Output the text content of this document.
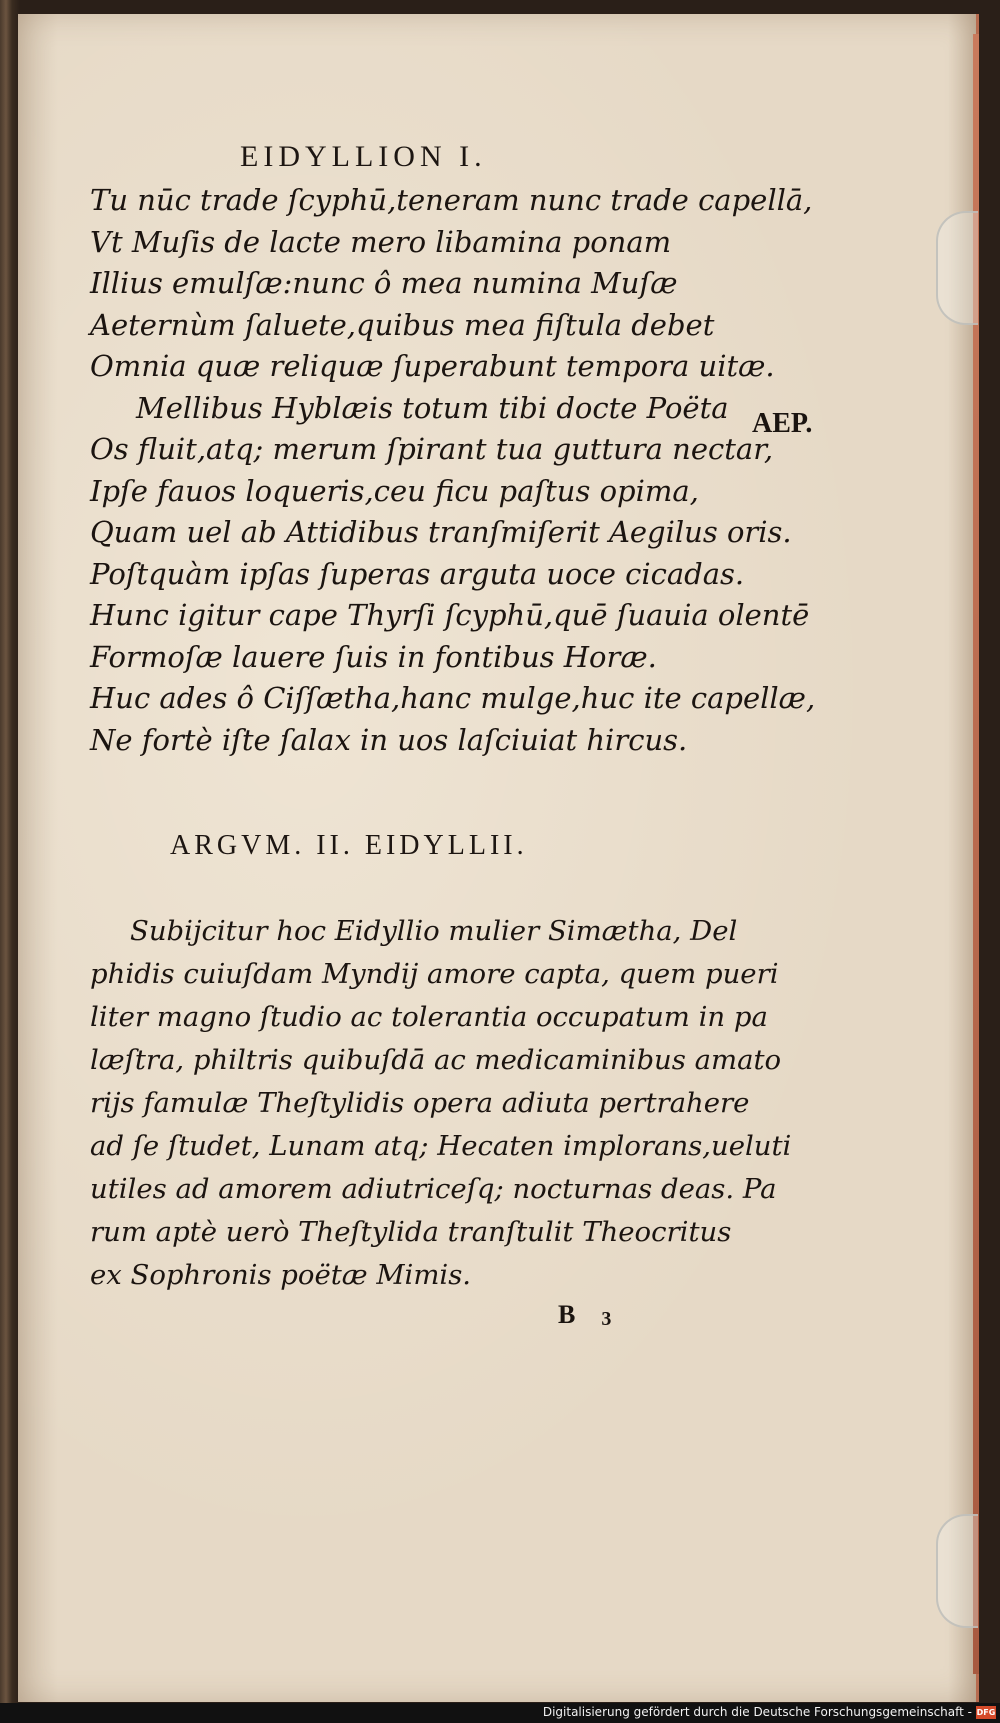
EIDYLLION I.
Tu nūc trade ſcyphū,teneram nunc trade capellā,
Vt Muſis de lacte mero libamina ponam
Illius emulſæ:nunc ô mea numina Muſæ
Aeternùm ſaluete,quibus mea fiſtula debet
Omnia quæ reliquæ ſuperabunt tempora uitæ.
Mellibus Hyblæis totum tibi docte Poëta
Os fluit,atq; merum ſpirant tua guttura nectar,
Ipſe fauos loqueris,ceu ficu paſtus opima,
Quam uel ab Attidibus tranſmiſerit Aegilus oris.
Poſtquàm ipſas ſuperas arguta uoce cicadas.
Hunc igitur cape Thyrſi ſcyphū,quē ſuauia olentē
Formoſæ lauere ſuis in fontibus Horæ.
Huc ades ô Ciſſætha,hanc mulge,huc ite capellæ,
Ne fortè iſte ſalax in uos laſciuiat hircus.
AEP.
ARGVM. II. EIDYLLII.
Subijcitur hoc Eidyllio mulier Simætha, Del
phidis cuiuſdam Myndij amore capta, quem pueri
liter magno ſtudio ac tolerantia occupatum in pa
læſtra, philtris quibuſdā ac medicaminibus amato
rijs famulæ Theſtylidis opera adiuta pertrahere
ad ſe ſtudet, Lunam atq; Hecaten implorans,ueluti
utiles ad amorem adiutriceſq; nocturnas deas. Pa
rum aptè uerò Theſtylida tranſtulit Theocritus
ex Sophronis poëtæ Mimis.
B 3
Digitalisierung gefördert durch die Deutsche Forschungsgemeinschaft - DFG
